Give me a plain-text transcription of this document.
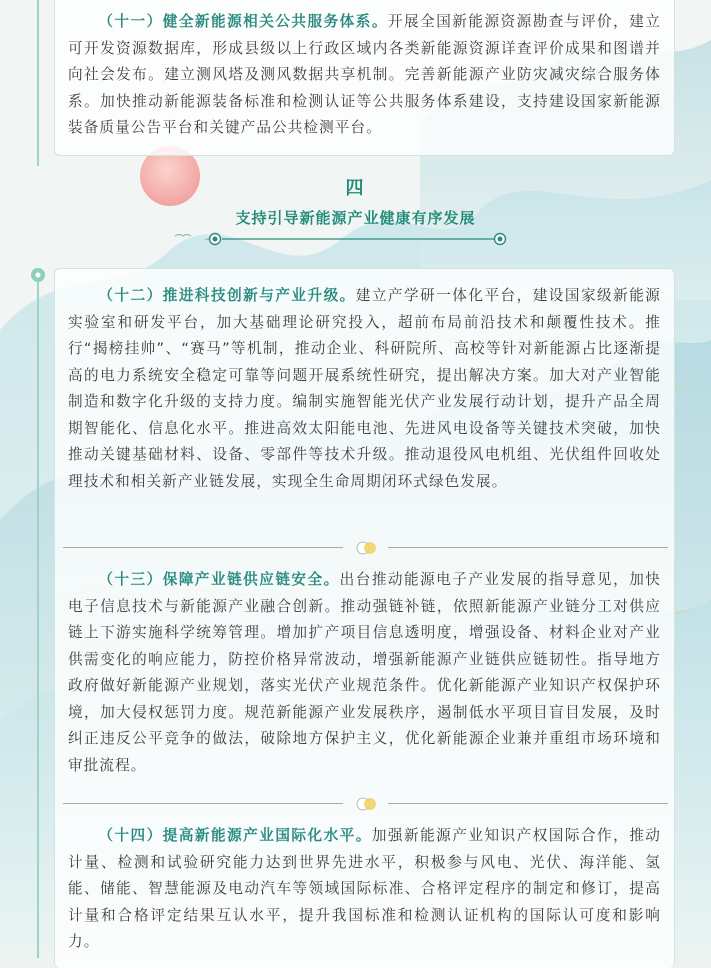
（十一）健全新能源相关公共服务体系。开展全国新能源资源勘查与评价，建立可开发资源数据库，形成县级以上行政区域内各类新能源资源详查评价成果和图谱并向社会发布。建立测风塔及测风数据共享机制。完善新能源产业防灾减灾综合服务体系。加快推动新能源装备标准和检测认证等公共服务体系建设，支持建设国家新能源装备质量公告平台和关键产品公共检测平台。

四
支持引导新能源产业健康有序发展

（十二）推进科技创新与产业升级。建立产学研一体化平台，建设国家级新能源实验室和研发平台，加大基础理论研究投入，超前布局前沿技术和颠覆性技术。推行“揭榜挂帅”、“赛马”等机制，推动企业、科研院所、高校等针对新能源占比逐渐提高的电力系统安全稳定可靠等问题开展系统性研究，提出解决方案。加大对产业智能制造和数字化升级的支持力度。编制实施智能光伏产业发展行动计划，提升产品全周期智能化、信息化水平。推进高效太阳能电池、先进风电设备等关键技术突破，加快推动关键基础材料、设备、零部件等技术升级。推动退役风电机组、光伏组件回收处理技术和相关新产业链发展，实现全生命周期闭环式绿色发展。

（十三）保障产业链供应链安全。出台推动能源电子产业发展的指导意见，加快电子信息技术与新能源产业融合创新。推动强链补链，依照新能源产业链分工对供应链上下游实施科学统筹管理。增加扩产项目信息透明度，增强设备、材料企业对产业供需变化的响应能力，防控价格异常波动，增强新能源产业链供应链韧性。指导地方政府做好新能源产业规划，落实光伏产业规范条件。优化新能源产业知识产权保护环境，加大侵权惩罚力度。规范新能源产业发展秩序，遏制低水平项目盲目发展，及时纠正违反公平竞争的做法，破除地方保护主义，优化新能源企业兼并重组市场环境和审批流程。

（十四）提高新能源产业国际化水平。加强新能源产业知识产权国际合作，推动计量、检测和试验研究能力达到世界先进水平，积极参与风电、光伏、海洋能、氢能、储能、智慧能源及电动汽车等领域国际标准、合格评定程序的制定和修订，提高计量和合格评定结果互认水平，提升我国标准和检测认证机构的国际认可度和影响力。
